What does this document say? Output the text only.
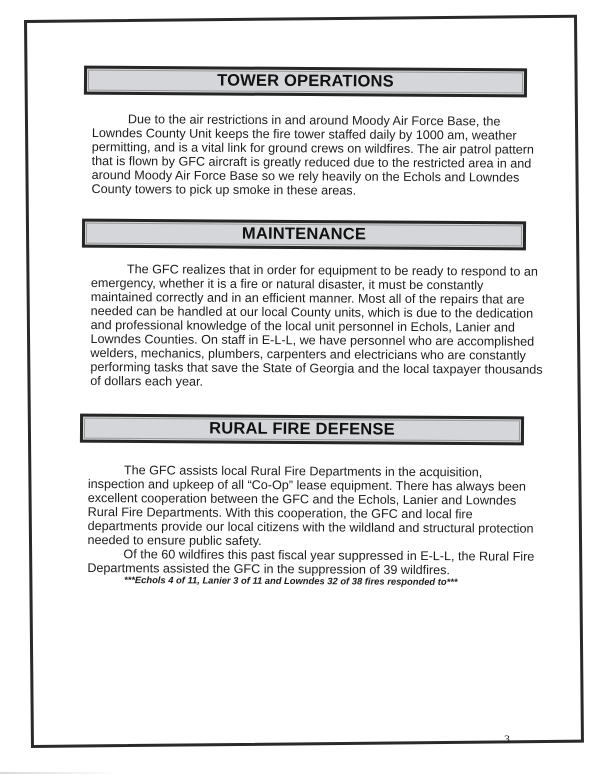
TOWER OPERATIONS
Due to the air restrictions in and around Moody Air Force Base, the
Lowndes County Unit keeps the fire tower staffed daily by 1000 am, weather
permitting, and is a vital link for ground crews on wildfires. The air patrol pattern
that is flown by GFC aircraft is greatly reduced due to the restricted area in and
around Moody Air Force Base so we rely heavily on the Echols and Lowndes
County towers to pick up smoke in these areas.
MAINTENANCE
The GFC realizes that in order for equipment to be ready to respond to an
emergency, whether it is a fire or natural disaster, it must be constantly
maintained correctly and in an efficient manner. Most all of the repairs that are
needed can be handled at our local County units, which is due to the dedication
and professional knowledge of the local unit personnel in Echols, Lanier and
Lowndes Counties. On staff in E-L-L, we have personnel who are accomplished
welders, mechanics, plumbers, carpenters and electricians who are constantly
performing tasks that save the State of Georgia and the local taxpayer thousands
of dollars each year.
RURAL FIRE DEFENSE
The GFC assists local Rural Fire Departments in the acquisition,
inspection and upkeep of all “Co-Op” lease equipment. There has always been
excellent cooperation between the GFC and the Echols, Lanier and Lowndes
Rural Fire Departments. With this cooperation, the GFC and local fire
departments provide our local citizens with the wildland and structural protection
needed to ensure public safety.
Of the 60 wildfires this past fiscal year suppressed in E-L-L, the Rural Fire
Departments assisted the GFC in the suppression of 39 wildfires.
***Echols 4 of 11, Lanier 3 of 11 and Lowndes 32 of 38 fires responded to***
3
